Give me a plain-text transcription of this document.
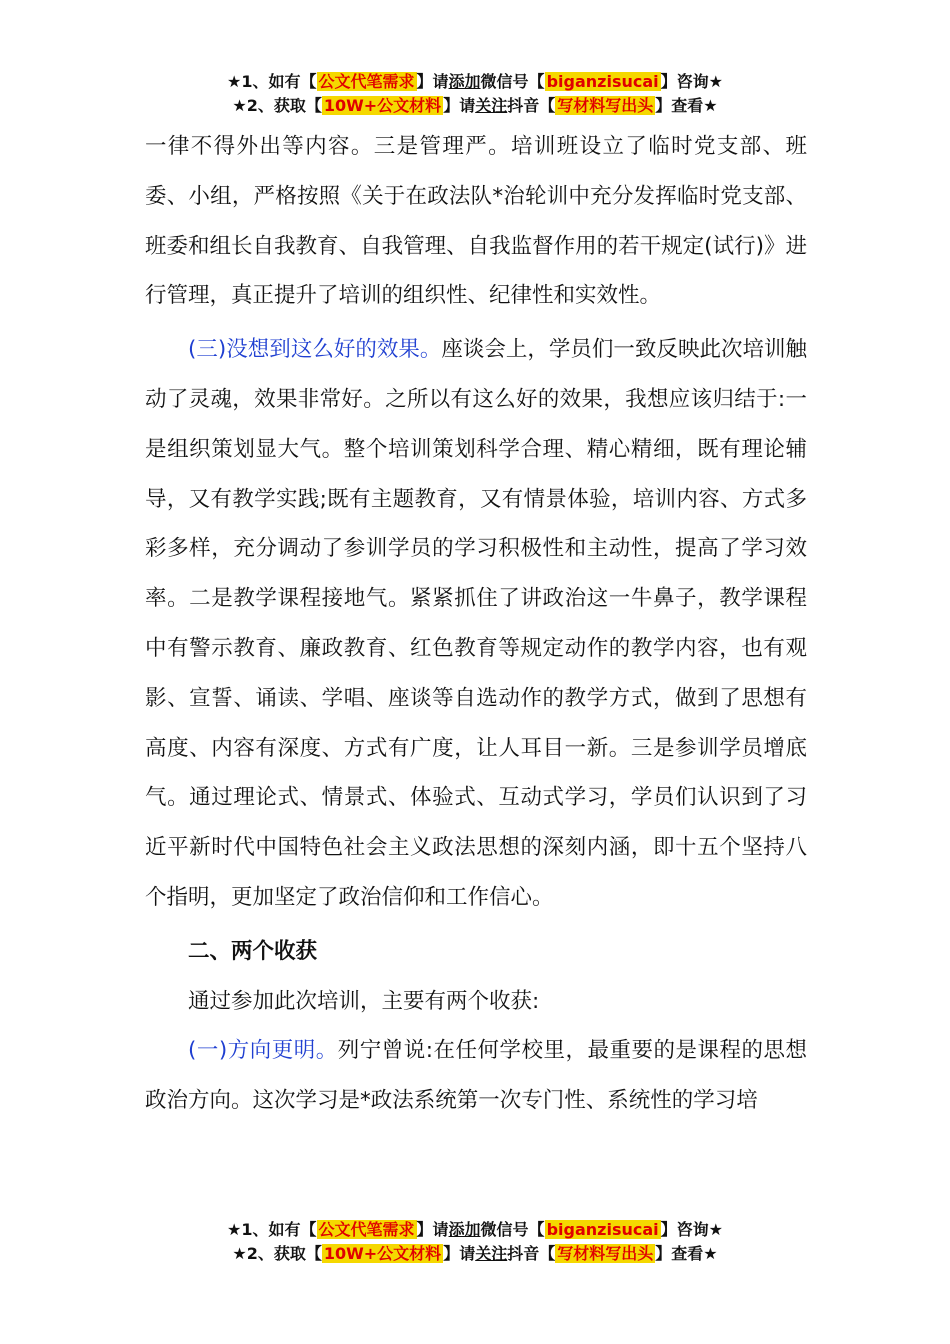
★1、如有【 公文代笔需求 】请添加微信号【 biganzisucai 】咨询★
★2、获取【 10W+公文材料 】请关注抖音【 写材料写出头 】查看★

一律不得外出等内容。三是管理严。培训班设立了临时党支部、班委、小组，严格按照《关于在政法队*治轮训中充分发挥临时党支部、班委和组长自我教育、自我管理、自我监督作用的若干规定(试行)》进行管理，真正提升了培训的组织性、纪律性和实效性。

(三)没想到这么好的效果。座谈会上，学员们一致反映此次培训触动了灵魂，效果非常好。之所以有这么好的效果，我想应该归结于:一是组织策划显大气。整个培训策划科学合理、精心精细，既有理论辅导，又有教学实践;既有主题教育，又有情景体验，培训内容、方式多彩多样，充分调动了参训学员的学习积极性和主动性，提高了学习效率。二是教学课程接地气。紧紧抓住了讲政治这一牛鼻子，教学课程中有警示教育、廉政教育、红色教育等规定动作的教学内容，也有观影、宣誓、诵读、学唱、座谈等自选动作的教学方式，做到了思想有高度、内容有深度、方式有广度，让人耳目一新。三是参训学员增底气。通过理论式、情景式、体验式、互动式学习，学员们认识到了习近平新时代中国特色社会主义政法思想的深刻内涵，即十五个坚持八个指明，更加坚定了政治信仰和工作信心。

二、两个收获

通过参加此次培训，主要有两个收获:

(一)方向更明。列宁曾说:在任何学校里，最重要的是课程的思想政治方向。这次学习是*政法系统第一次专门性、系统性的学习培

★1、如有【 公文代笔需求 】请添加微信号【 biganzisucai 】咨询★
★2、获取【 10W+公文材料 】请关注抖音【 写材料写出头 】查看★
